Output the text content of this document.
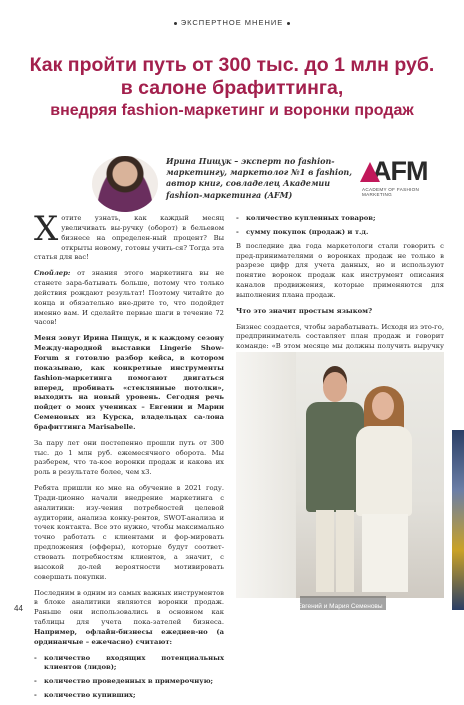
ЭКСПЕРТНОЕ МНЕНИЕ
Как пройти путь от 300 тыс. до 1 млн руб.
в салоне брафиттинга,
внедряя fashion-маркетинг и воронки продаж
Ирина Пищук – эксперт по fashion-маркетингу, маркетолог №1 в fashion, автор книг, совладелец Академии fashion-маркетинга (AFM)
AFM
ACADEMY OF FASHION MARKETING

Хотите узнать, как каждый месяц увеличивать вы-ручку (оборот) в бельевом бизнесе на определен-ный процент? Вы открыты новому, готовы учить-ся? Тогда эта статья для вас!

Спойлер: от знания этого маркетинга вы не станете зара-батывать больше, потому что только действия рождают результат! Поэтому читайте до конца и обязательно вне-дрите то, что подойдет именно вам. И сделайте первые шаги в течение 72 часов!

Меня зовут Ирина Пищук, и к каждому сезону Между-народной выставки Lingerie Show-Forum я готовлю разбор кейса, в котором показываю, как конкретные инструменты fashion-маркетинга помогают двигаться вперед, пробивать «стеклянные потолки», выходить на новый уровень. Сегодня речь пойдет о моих учениках – Евгении и Марии Семеновых из Курска, владельцах са-лона брафиттинга Marisabelle.

За пару лет они постепенно прошли путь от 300 тыс. до 1 млн руб. ежемесячного оборота. Мы разберем, что та-кое воронки продаж и какова их роль в результате более, чем х3.

Ребята пришли ко мне на обучение в 2021 году. Тради-ционно начали внедрение маркетинга с аналитики: изу-чения потребностей целевой аудитории, анализа конку-рентов, SWOT-анализа и точек контакта. Все это нужно, чтобы максимально точно работать с клиентами и фор-мировать предложения (офферы), которые будут соответ-ствовать потребностям клиентов, а значит, с высокой до-лей вероятности мотивировать совершать покупки.

Последним в одним из самых важных инструментов в блоке аналитики являются воронки продаж. Раньше они использовались в основном как таблицы для учета пока-зателей бизнеса. Например, офлайн-бизнесы ежеднев-но (а ординанчые – ежечасно) считают:

- количество входящих потенциальных клиентов (лидов);
- количество проведенных в примерочную;
- количество купивших;
- количество купленных товаров;
- сумму покупок (продаж) и т.д.

В последние два года маркетологи стали говорить с пред-принимателями о воронках продаж не только в разрезе цифр для учета данных, но и используют понятие воронок продаж как инструмент описания каналов продвижения, которые применяются для выполнения плана продаж.

Что это значит простым языком?

Бизнес создается, чтобы зарабатывать. Исходя из это-го, предприниматель составляет план продаж и говорит команде: «В этом месяце мы должны получить выручку

Евгений и Мария Семеновы
44
